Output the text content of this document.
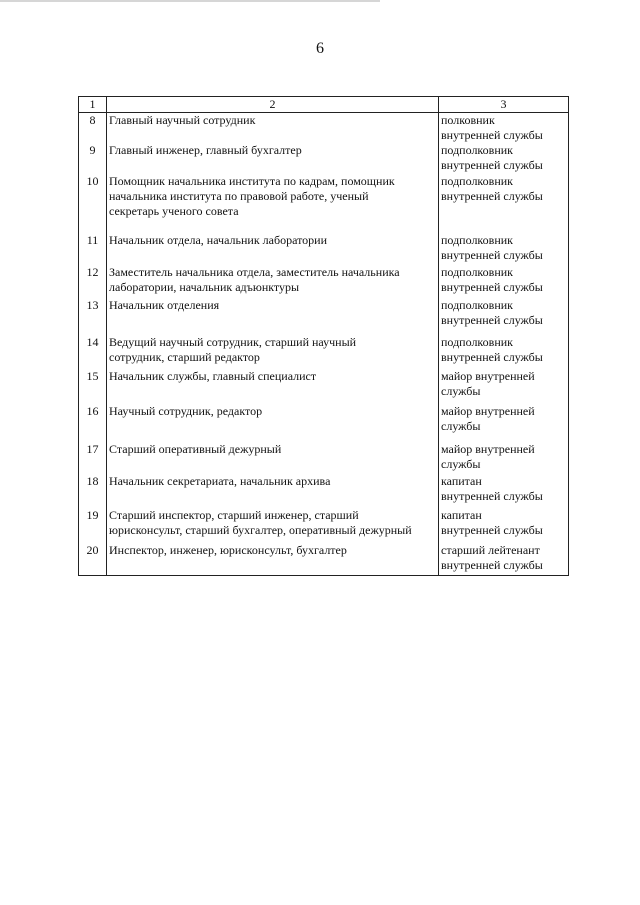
6
1	2	3
8	Главный научный сотрудник	полковник
внутренней службы
9	Главный инженер, главный бухгалтер	подполковник
внутренней службы
10	Помощник начальника института по кадрам, помощник
начальника института по правовой работе, ученый
секретарь ученого совета	подполковник
внутренней службы
11	Начальник отдела, начальник лаборатории	подполковник
внутренней службы
12	Заместитель начальника отдела, заместитель начальника
лаборатории, начальник адъюнктуры	подполковник
внутренней службы
13	Начальник отделения	подполковник
внутренней службы
14	Ведущий научный сотрудник, старший научный
сотрудник, старший редактор	подполковник
внутренней службы
15	Начальник службы, главный специалист	майор внутренней
службы
16	Научный сотрудник, редактор	майор внутренней
службы
17	Старший оперативный дежурный	майор внутренней
службы
18	Начальник секретариата, начальник архива	капитан
внутренней службы
19	Старший инспектор, старший инженер, старший
юрисконсульт, старший бухгалтер, оперативный дежурный	капитан
внутренней службы
20	Инспектор, инженер, юрисконсульт, бухгалтер	старший лейтенант
внутренней службы
